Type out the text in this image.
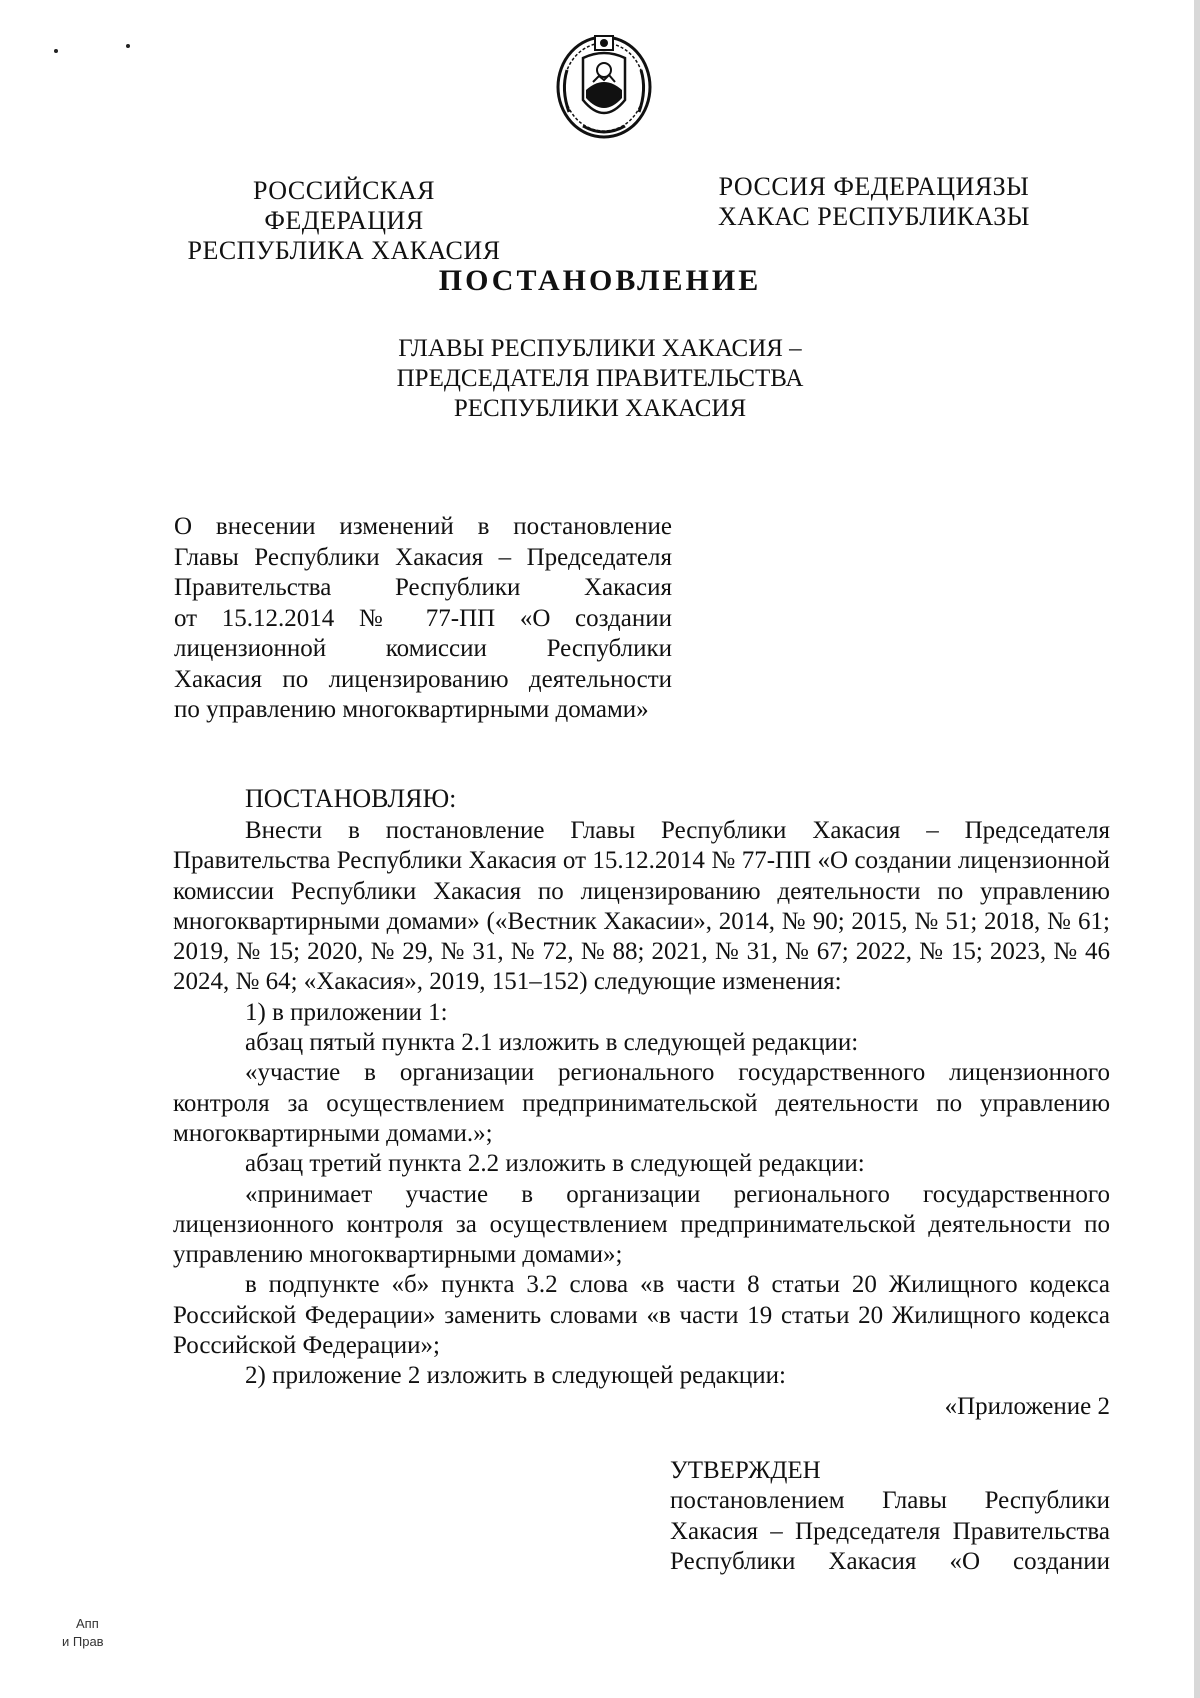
РОССИЙСКАЯ ФЕДЕРАЦИЯ
РЕСПУБЛИКА ХАКАСИЯ
РОССИЯ ФЕДЕРАЦИЯЗЫ
ХАКАС РЕСПУБЛИКАЗЫ
ПОСТАНОВЛЕНИЕ
ГЛАВЫ РЕСПУБЛИКИ ХАКАСИЯ –
ПРЕДСЕДАТЕЛЯ ПРАВИТЕЛЬСТВА
РЕСПУБЛИКИ ХАКАСИЯ
О внесении изменений в постановление
Главы Республики Хакасия – Председателя
Правительства Республики Хакасия
от 15.12.2014 № 77-ПП «О создании
лицензионной комиссии Республики
Хакасия по лицензированию деятельности
по управлению многоквартирными домами»
ПОСТАНОВЛЯЮ:

Внести в постановление Главы Республики Хакасия – Председателя Правительства Республики Хакасия от 15.12.2014 № 77-ПП «О создании лицензионной комиссии Республики Хакасия по лицензированию деятельности по управлению многоквартирными домами» («Вестник Хакасии», 2014, № 90; 2015, № 51; 2018, № 61; 2019, № 15; 2020, № 29, № 31, № 72, № 88; 2021, № 31, № 67; 2022, № 15; 2023, № 46 2024, № 64; «Хакасия», 2019, 151–152) следующие изменения:

1) в приложении 1:

абзац пятый пункта 2.1 изложить в следующей редакции:

«участие в организации регионального государственного лицензионного контроля за осуществлением предпринимательской деятельности по управлению многоквартирными домами.»;

абзац третий пункта 2.2 изложить в следующей редакции:

«принимает участие в организации регионального государственного лицензионного контроля за осуществлением предпринимательской деятельности по управлению многоквартирными домами»;

в подпункте «б» пункта 3.2 слова «в части 8 статьи 20 Жилищного кодекса Российской Федерации» заменить словами «в части 19 статьи 20 Жилищного кодекса Российской Федерации»;

2) приложение 2 изложить в следующей редакции:

«Приложение 2

УТВЕРЖДЕН

постановлением Главы Республики
Хакасия – Председателя Правительства
Республики Хакасия «О создании
Апп
и Прав
